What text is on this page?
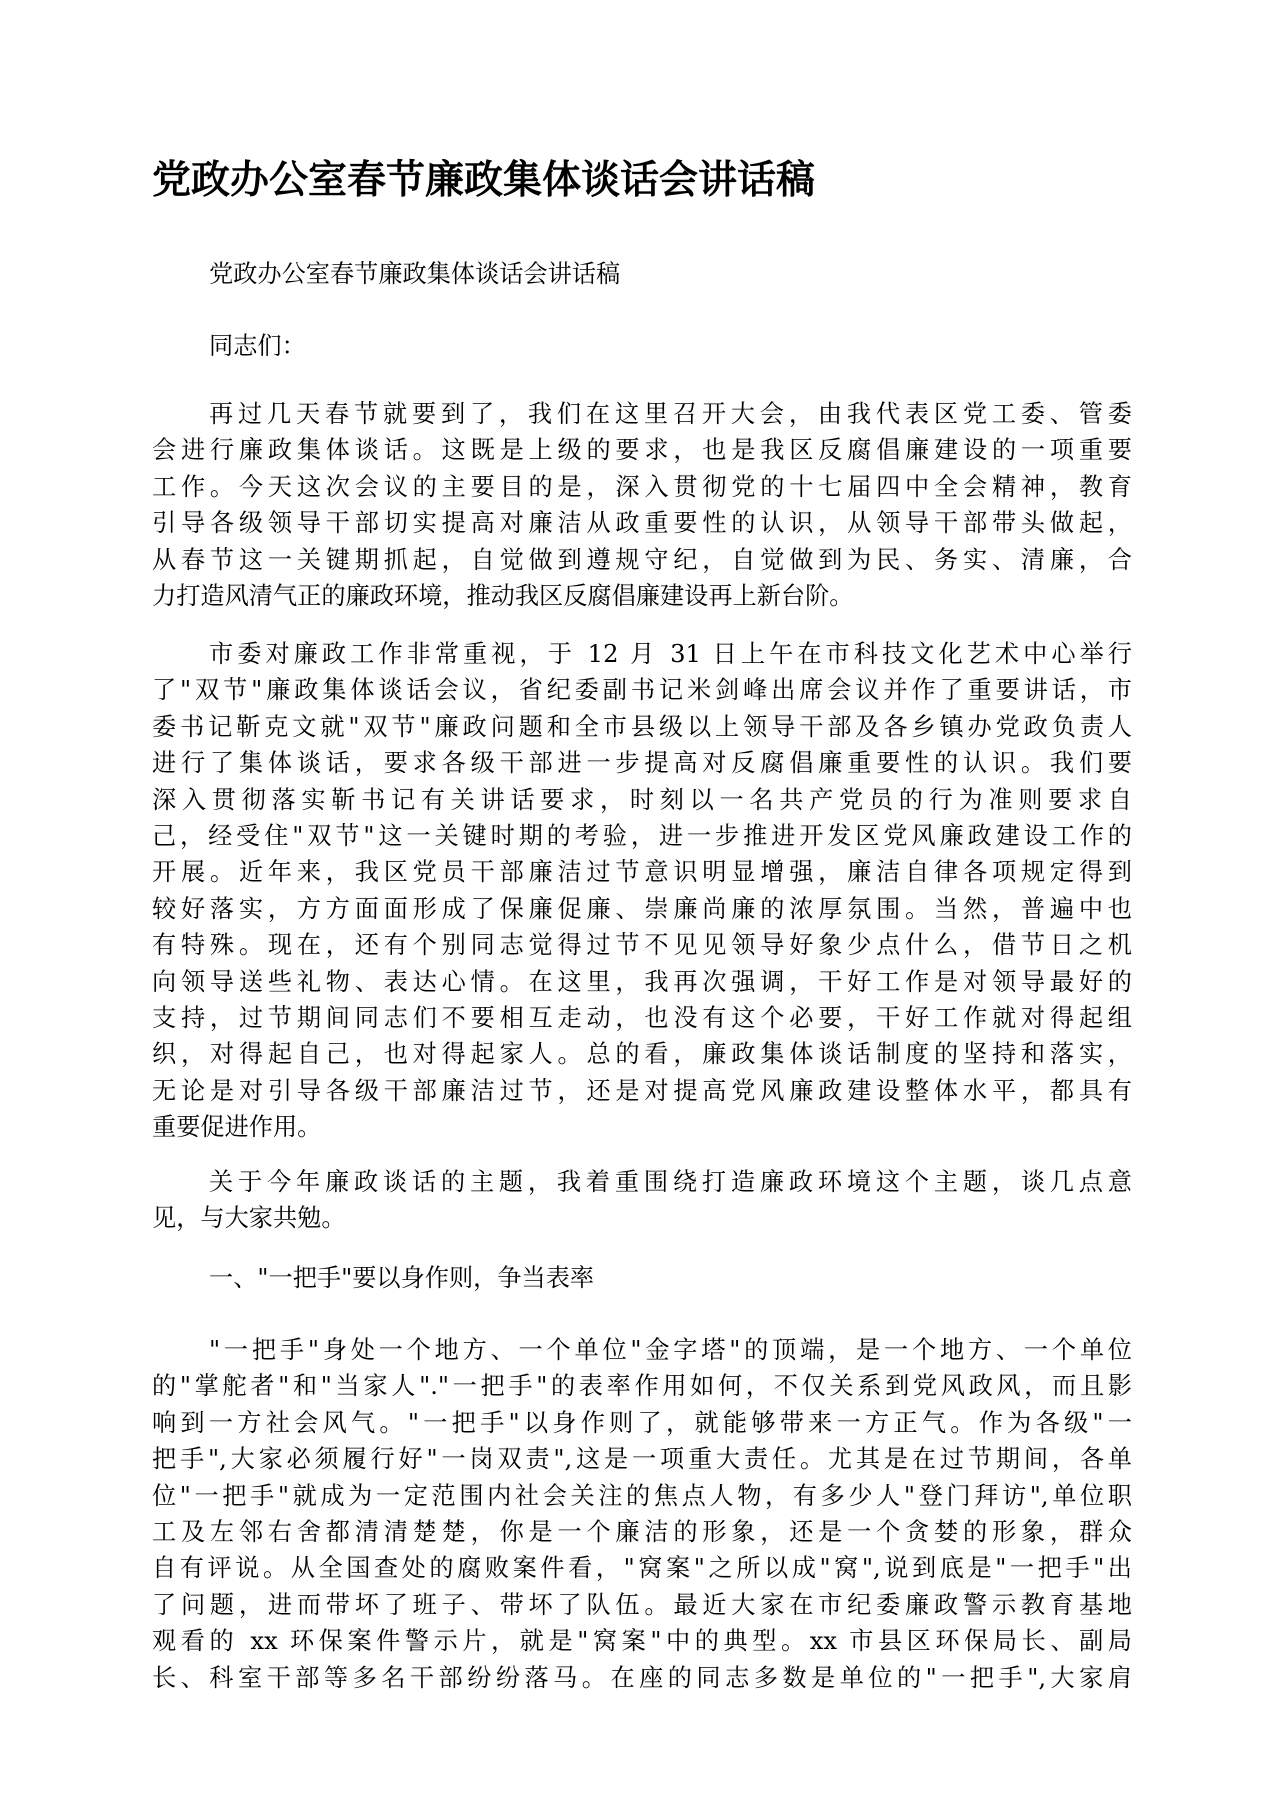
党政办公室春节廉政集体谈话会讲话稿

党政办公室春节廉政集体谈话会讲话稿

同志们：

再过几天春节就要到了，我们在这里召开大会，由我代表区党工委、管委
会进行廉政集体谈话。这既是上级的要求，也是我区反腐倡廉建设的一项重要
工作。今天这次会议的主要目的是，深入贯彻党的十七届四中全会精神，教育
引导各级领导干部切实提高对廉洁从政重要性的认识，从领导干部带头做起，
从春节这一关键期抓起，自觉做到遵规守纪，自觉做到为民、务实、清廉，合
力打造风清气正的廉政环境，推动我区反腐倡廉建设再上新台阶。

市委对廉政工作非常重视，于 12 月 31 日上午在市科技文化艺术中心举行
了"双节"廉政集体谈话会议，省纪委副书记米剑峰出席会议并作了重要讲话，市
委书记靳克文就"双节"廉政问题和全市县级以上领导干部及各乡镇办党政负责人
进行了集体谈话，要求各级干部进一步提高对反腐倡廉重要性的认识。我们要
深入贯彻落实靳书记有关讲话要求，时刻以一名共产党员的行为准则要求自
己，经受住"双节"这一关键时期的考验，进一步推进开发区党风廉政建设工作的
开展。近年来，我区党员干部廉洁过节意识明显增强，廉洁自律各项规定得到
较好落实，方方面面形成了保廉促廉、崇廉尚廉的浓厚氛围。当然，普遍中也
有特殊。现在，还有个别同志觉得过节不见见领导好象少点什么，借节日之机
向领导送些礼物、表达心情。在这里，我再次强调，干好工作是对领导最好的
支持，过节期间同志们不要相互走动，也没有这个必要，干好工作就对得起组
织，对得起自己，也对得起家人。总的看，廉政集体谈话制度的坚持和落实，
无论是对引导各级干部廉洁过节，还是对提高党风廉政建设整体水平，都具有
重要促进作用。

关于今年廉政谈话的主题，我着重围绕打造廉政环境这个主题，谈几点意
见，与大家共勉。

一、"一把手"要以身作则，争当表率

"一把手"身处一个地方、一个单位"金字塔"的顶端，是一个地方、一个单位
的"掌舵者"和"当家人"."一把手"的表率作用如何，不仅关系到党风政风，而且影
响到一方社会风气。"一把手"以身作则了，就能够带来一方正气。作为各级"一
把手",大家必须履行好"一岗双责",这是一项重大责任。尤其是在过节期间，各单
位"一把手"就成为一定范围内社会关注的焦点人物，有多少人"登门拜访",单位职
工及左邻右舍都清清楚楚，你是一个廉洁的形象，还是一个贪婪的形象，群众
自有评说。从全国查处的腐败案件看，"窝案"之所以成"窝",说到底是"一把手"出
了问题，进而带坏了班子、带坏了队伍。最近大家在市纪委廉政警示教育基地
观看的 xx 环保案件警示片，就是"窝案"中的典型。xx 市县区环保局长、副局
长、科室干部等多名干部纷纷落马。在座的同志多数是单位的"一把手",大家肩
